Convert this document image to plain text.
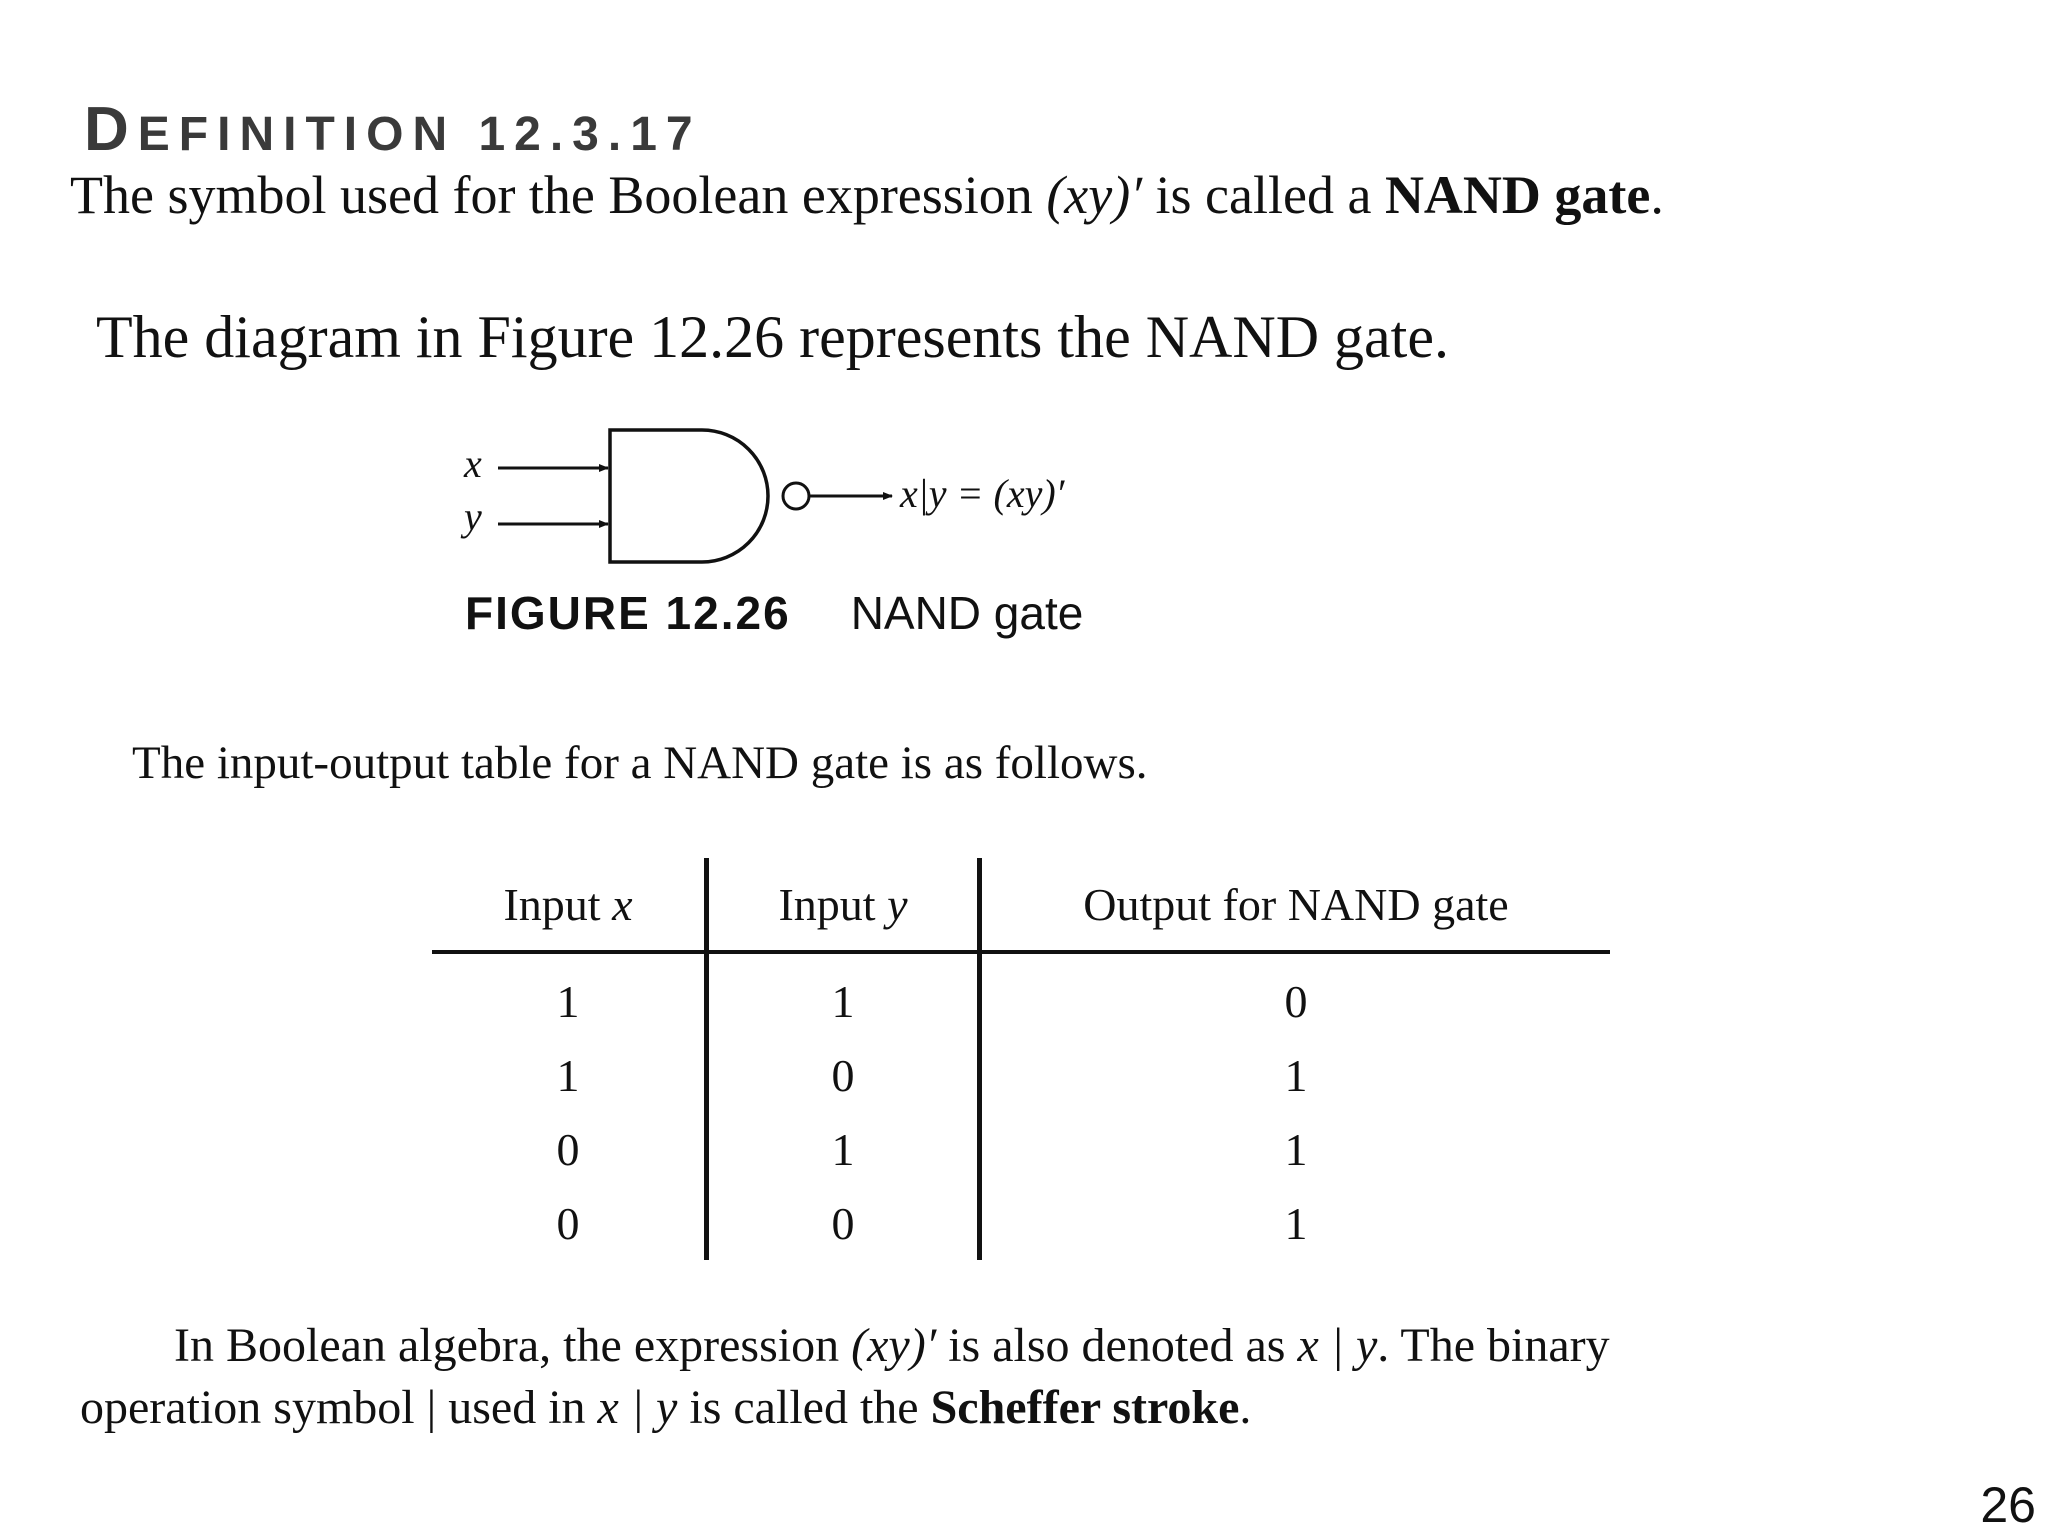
DEFINITION 12.3.17
The symbol used for the Boolean expression (xy)′ is called a NAND gate.
The diagram in Figure 12.26 represents the NAND gate.
x
y
x|y = (xy)′
FIGURE 12.26 NAND gate
The input-output table for a NAND gate is as follows.
Input x	Input y	Output for NAND gate
1	1	0
1	0	1
0	1	1
0	0	1
In Boolean algebra, the expression (xy)′ is also denoted as x | y. The binary
operation symbol | used in x | y is called the Scheffer stroke.
26
